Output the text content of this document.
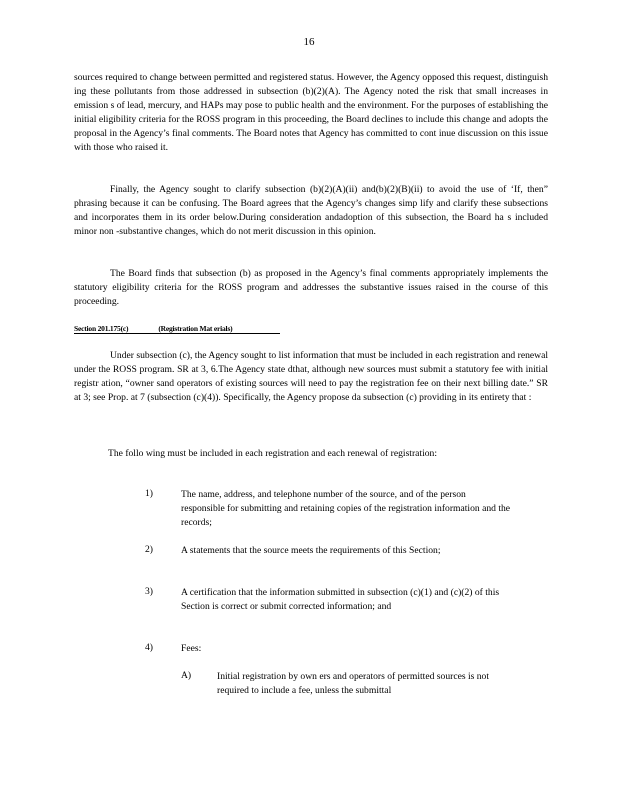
16

sources required to change between permitted and registered status. However, the Agency opposed this request, distinguish ing these pollutants from those addressed in subsection (b)(2)(A). The Agency noted the risk that small increases in emission s of lead, mercury, and HAPs may pose to public health and the environment. For the purposes of establishing the initial eligibility criteria for the ROSS program in this proceeding, the Board declines to include this change and adopts the proposal in the Agency’s final comments. The Board notes that Agency has committed to cont inue discussion on this issue with those who raised it.

Finally, the Agency sought to clarify subsection (b)(2)(A)(ii) and(b)(2)(B)(ii) to avoid the use of ‘If, then” phrasing because it can be confusing. The Board agrees that the Agency’s changes simp lify and clarify these subsections and incorporates them in its order below.During consideration andadoption of this subsection, the Board ha s included minor non -substantive changes, which do not merit discussion in this opinion.

The Board finds that subsection (b) as proposed in the Agency’s final comments appropriately implements the statutory eligibility criteria for the ROSS program and addresses the substantive issues raised in the course of this proceeding.

Section 201.175(c)	(Registration Mat erials)

Under subsection (c), the Agency sought to list information that must be included in each registration and renewal under the ROSS program. SR at 3, 6.The Agency state dthat, although new sources must submit a statutory fee with initial registr ation, “owner sand operators of existing sources will need to pay the registration fee on their next billing date.” SR at 3; see Prop. at 7 (subsection (c)(4)). Specifically, the Agency propose da subsection (c) providing in its entirety that :

The follo wing must be included in each registration and each renewal of registration:

1)	The name, address, and telephone number of the source, and of the person responsible for submitting and retaining copies of the registration information and the records;

2)	A statements that the source meets the requirements of this Section;

3)	A certification that the information submitted in subsection (c)(1) and (c)(2) of this Section is correct or submit corrected information; and

4)	Fees:

A)	Initial registration by own ers and operators of permitted sources is not required to include a fee, unless the submittal
